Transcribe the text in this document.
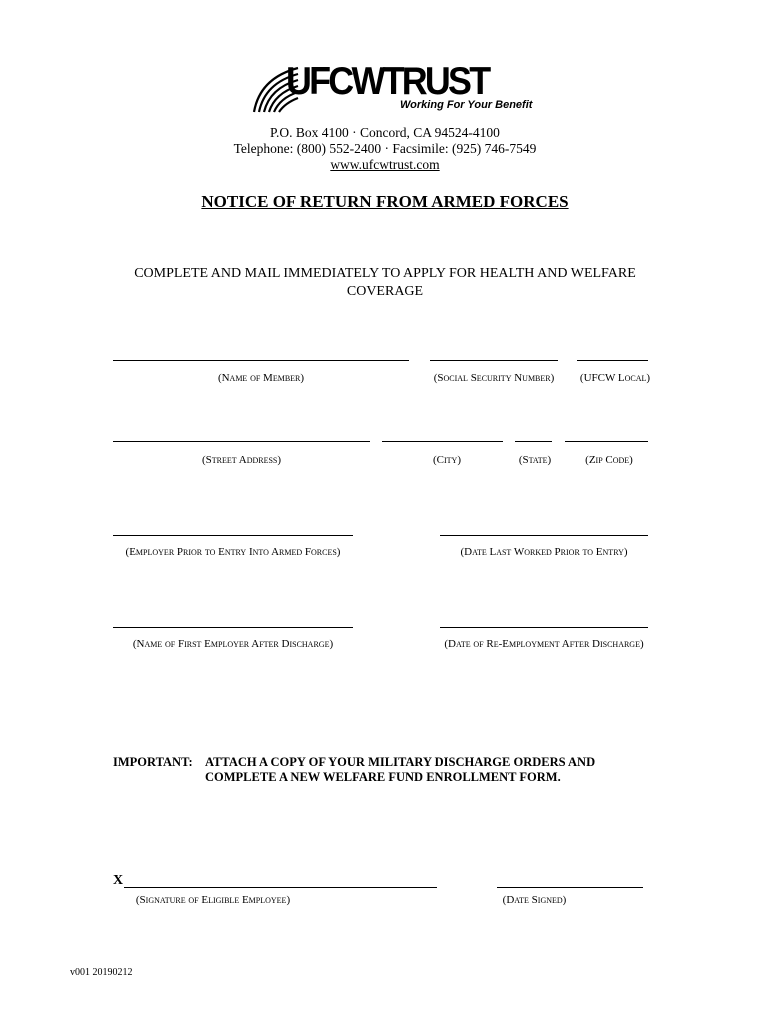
UFCWTRUST
Working For Your Benefit
P.O. Box 4100 · Concord, CA 94524-4100
Telephone: (800) 552-2400 · Facsimile: (925) 746-7549
www.ufcwtrust.com
NOTICE OF RETURN FROM ARMED FORCES
COMPLETE AND MAIL IMMEDIATELY TO APPLY FOR HEALTH AND WELFARE COVERAGE
(Name of Member)	(Social Security Number)	(UFCW Local)
(Street Address)	(City)	(State)	(Zip Code)
(Employer Prior to Entry Into Armed Forces)	(Date Last Worked Prior to Entry)
(Name of First Employer After Discharge)	(Date of Re-Employment After Discharge)
IMPORTANT: ATTACH A COPY OF YOUR MILITARY DISCHARGE ORDERS AND COMPLETE A NEW WELFARE FUND ENROLLMENT FORM.
X
(Signature of Eligible Employee)	(Date Signed)
v001 20190212
